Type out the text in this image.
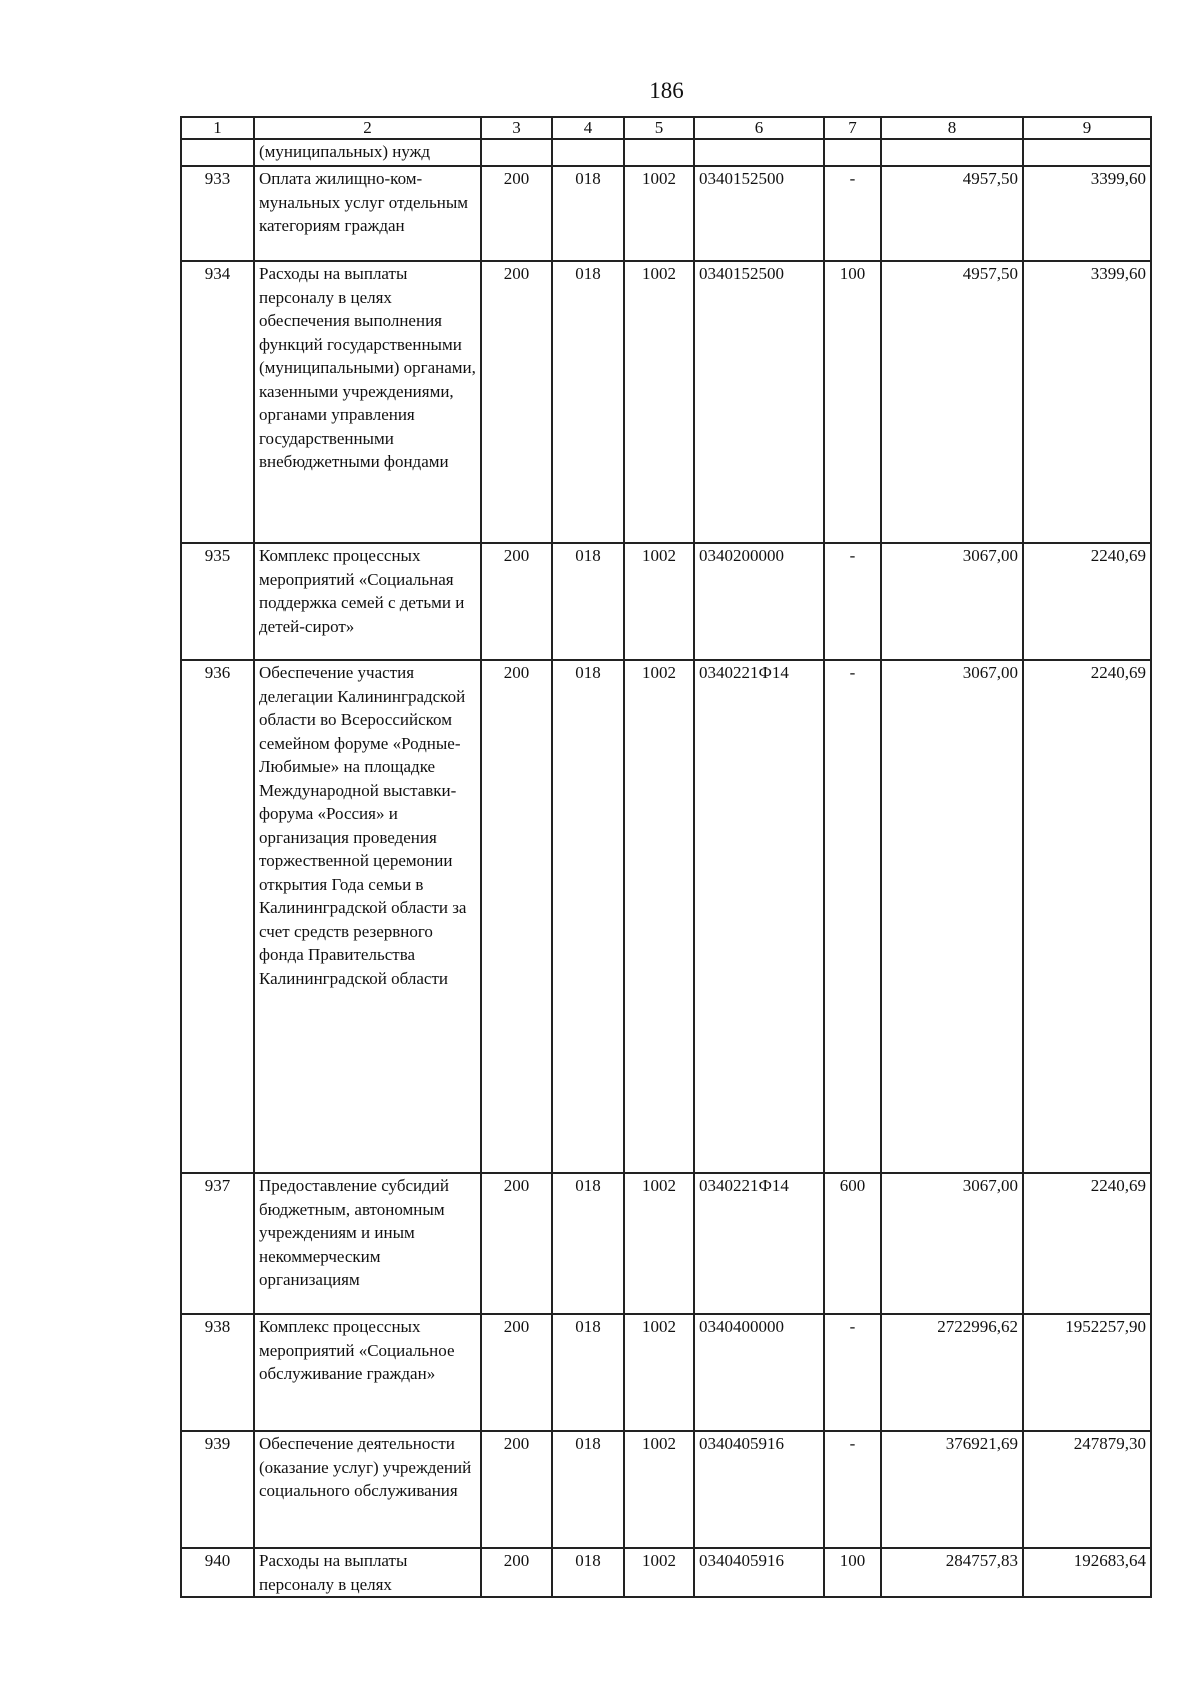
186
1	2	3	4	5	6	7	8	9
	(муниципальных) нужд							
933	Оплата жилищно-ком-мунальных услуг отдельным категориям граждан	200	018	1002	0340152500	-	4957,50	3399,60
934	Расходы на выплаты персоналу в целях обеспечения выполнения функций государственными (муниципальными) органами, казенными учреждениями, органами управления государственными внебюджетными фондами	200	018	1002	0340152500	100	4957,50	3399,60
935	Комплекс процессных мероприятий «Социальная поддержка семей с детьми и детей-сирот»	200	018	1002	0340200000	-	3067,00	2240,69
936	Обеспечение участия делегации Калининградской области во Всероссийском семейном форуме «Родные-Любимые» на площадке Международной выставки-форума «Россия» и организация проведения торжественной церемонии открытия Года семьи в Калининградской области за счет средств резервного фонда Правительства Калининградской области	200	018	1002	0340221Ф14	-	3067,00	2240,69
937	Предоставление субсидий бюджетным, автономным учреждениям и иным некоммерческим организациям	200	018	1002	0340221Ф14	600	3067,00	2240,69
938	Комплекс процессных мероприятий «Социальное обслуживание граждан»	200	018	1002	0340400000	-	2722996,62	1952257,90
939	Обеспечение деятельности (оказание услуг) учреждений социального обслуживания	200	018	1002	0340405916	-	376921,69	247879,30
940	Расходы на выплаты персоналу в целях	200	018	1002	0340405916	100	284757,83	192683,64
